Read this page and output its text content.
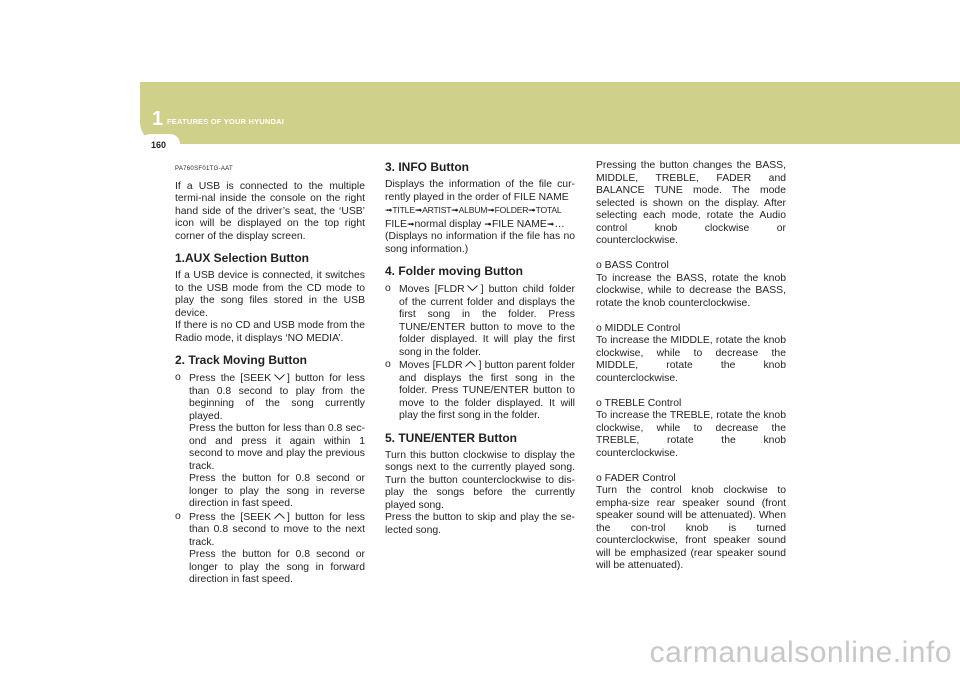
1 FEATURES OF YOUR HYUNDAI
160
PA760SF01TG-AAT

If a USB is connected to the multiple termi-nal inside the console on the right hand side of the driver’s seat, the ‘USB’ icon will be displayed on the top right corner of the display screen.

1.AUX Selection Button

If a USB device is connected, it switches to the USB mode from the CD mode to play the song files stored in the USB device.

If there is no CD and USB mode from the Radio mode, it displays ‘NO MEDIA’.

2. Track Moving Button
o Press the [SEEK ] button for less than 0.8 second to play from the beginning of the song currently played.
Press the button for less than 0.8 sec-ond and press it again within 1 second to move and play the previous track.
Press the button for 0.8 second or longer to play the song in reverse direction in fast speed.
o Press the [SEEK ] button for less than 0.8 second to move to the next track.
Press the button for 0.8 second or longer to play the song in forward direction in fast speed.
3. INFO Button

Displays the information of the file cur-rently played in the order of FILE NAME
➟TITLE➟ARTIST➟ALBUM➟FOLDER➟TOTAL
FILE➟normal display ➟FILE NAME➟…
(Displays no information if the file has no song information.)

4. Folder moving Button
o Moves [FLDR ] button child folder of the current folder and displays the first song in the folder. Press TUNE/ENTER button to move to the folder displayed. It will play the first song in the folder.
o Moves [FLDR ] button parent folder and displays the first song in the folder. Press TUNE/ENTER button to move to the folder displayed. It will play the first song in the folder.
5. TUNE/ENTER Button

Turn this button clockwise to display the songs next to the currently played song. Turn the button counterclockwise to dis-play the songs before the currently played song.

Press the button to skip and play the se-lected song.

Pressing the button changes the BASS, MIDDLE, TREBLE, FADER and BALANCE TUNE mode. The mode selected is shown on the display. After selecting each mode, rotate the Audio control knob clockwise or counterclockwise.

o BASS Control

To increase the BASS, rotate the knob clockwise, while to decrease the BASS, rotate the knob counterclockwise.

o MIDDLE Control

To increase the MIDDLE, rotate the knob clockwise, while to decrease the MIDDLE, rotate the knob counterclockwise.

o TREBLE Control

To increase the TREBLE, rotate the knob clockwise, while to decrease the TREBLE, rotate the knob counterclockwise.

o FADER Control

Turn the control knob clockwise to empha-size rear speaker sound (front speaker sound will be attenuated). When the con-trol knob is turned counterclockwise, front speaker sound will be emphasized (rear speaker sound will be attenuated).

carmanualsonline.info
